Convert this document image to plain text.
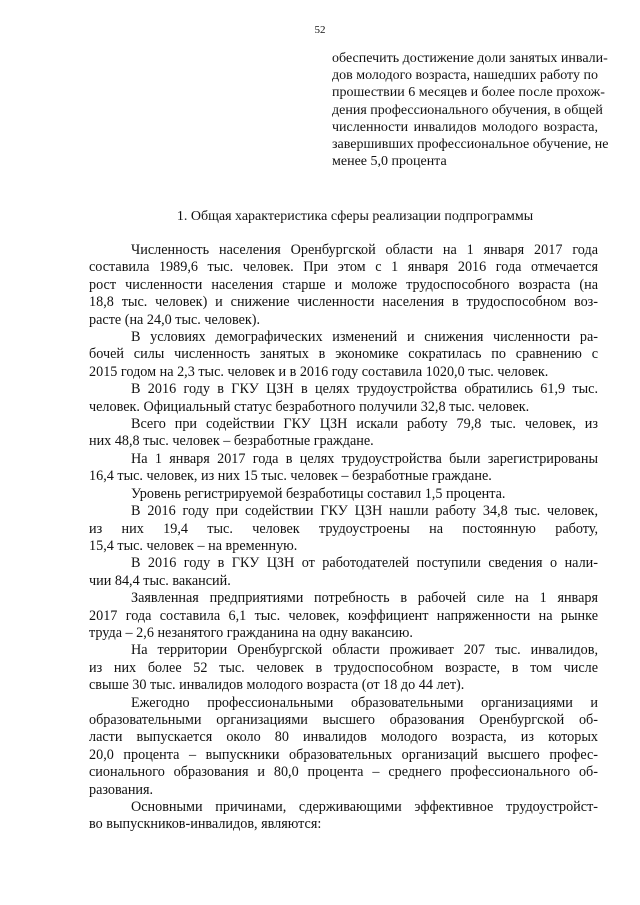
52
обеспечить достижение доли занятых инвали-
дов молодого возраста, нашедших работу по
прошествии 6 месяцев и более после прохож-
дения профессионального обучения, в общей
численности инвалидов молодого возраста,
завершивших профессиональное обучение, не
менее 5,0 процента
1. Общая характеристика сферы реализации подпрограммы
Численность населения Оренбургской области на 1 января 2017 года
составила 1989,6 тыс. человек. При этом с 1 января 2016 года отмечается
рост численности населения старше и моложе трудоспособного возраста (на
18,8 тыс. человек) и снижение численности населения в трудоспособном воз-
расте (на 24,0 тыс. человек).
В условиях демографических изменений и снижения численности ра-
бочей силы численность занятых в экономике сократилась по сравнению с
2015 годом на 2,3 тыс. человек и в 2016 году составила 1020,0 тыс. человек.
В 2016 году в ГКУ ЦЗН в целях трудоустройства обратились 61,9 тыс.
человек. Официальный статус безработного получили 32,8 тыс. человек.
Всего при содействии ГКУ ЦЗН искали работу 79,8 тыс. человек, из
них 48,8 тыс. человек – безработные граждане.
На 1 января 2017 года в целях трудоустройства были зарегистрированы
16,4 тыс. человек, из них 15 тыс. человек – безработные граждане.
Уровень регистрируемой безработицы составил 1,5 процента.
В 2016 году при содействии ГКУ ЦЗН нашли работу 34,8 тыс. человек,
из них 19,4 тыс. человек трудоустроены на постоянную работу,
15,4 тыс. человек – на временную.
В 2016 году в ГКУ ЦЗН от работодателей поступили сведения о нали-
чии 84,4 тыс. вакансий.
Заявленная предприятиями потребность в рабочей силе на 1 января
2017 года составила 6,1 тыс. человек, коэффициент напряженности на рынке
труда – 2,6 незанятого гражданина на одну вакансию.
На территории Оренбургской области проживает 207 тыс. инвалидов,
из них более 52 тыс. человек в трудоспособном возрасте, в том числе
свыше 30 тыс. инвалидов молодого возраста (от 18 до 44 лет).
Ежегодно профессиональными образовательными организациями и
образовательными организациями высшего образования Оренбургской об-
ласти выпускается около 80 инвалидов молодого возраста, из которых
20,0 процента – выпускники образовательных организаций высшего профес-
сионального образования и 80,0 процента – среднего профессионального об-
разования.
Основными причинами, сдерживающими эффективное трудоустройст-
во выпускников-инвалидов, являются:
